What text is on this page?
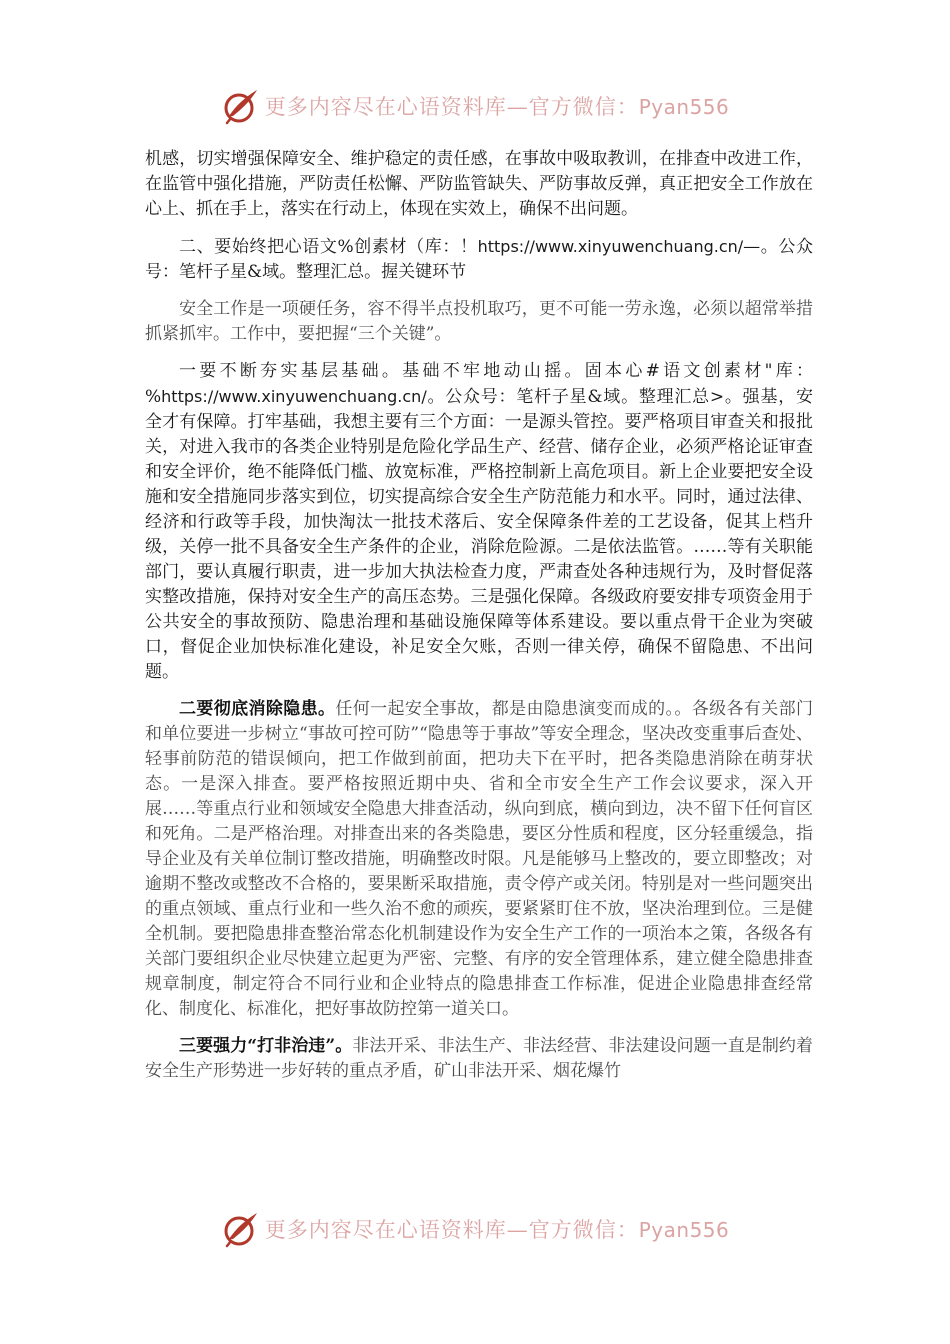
更多内容尽在心语资料库—官方微信：Pyan556

机感，切实增强保障安全、维护稳定的责任感，在事故中吸取教训，在排查中改进工作，在监管中强化措施，严防责任松懈、严防监管缺失、严防事故反弹，真正把安全工作放在心上、抓在手上，落实在行动上，体现在实效上，确保不出问题。

二、要始终把心语文%创素材（库：！https://www.xinyuwenchuang.cn/—。公众号：笔杆子星&域。整理汇总。握关键环节

安全工作是一项硬任务，容不得半点投机取巧，更不可能一劳永逸，必须以超常举措抓紧抓牢。工作中，要把握“三个关键”。

一要不断夯实基层基础。基础不牢地动山摇。固本心#语文创素材"库：%https://www.xinyuwenchuang.cn/。公众号：笔杆子星&域。整理汇总>。强基，安全才有保障。打牢基础，我想主要有三个方面：一是源头管控。要严格项目审查关和报批关，对进入我市的各类企业特别是危险化学品生产、经营、储存企业，必须严格论证审查和安全评价，绝不能降低门槛、放宽标准，严格控制新上高危项目。新上企业要把安全设施和安全措施同步落实到位，切实提高综合安全生产防范能力和水平。同时，通过法律、经济和行政等手段，加快淘汰一批技术落后、安全保障条件差的工艺设备，促其上档升级，关停一批不具备安全生产条件的企业，消除危险源。二是依法监管。……等有关职能部门，要认真履行职责，进一步加大执法检查力度，严肃查处各种违规行为，及时督促落实整改措施，保持对安全生产的高压态势。三是强化保障。各级政府要安排专项资金用于公共安全的事故预防、隐患治理和基础设施保障等体系建设。要以重点骨干企业为突破口，督促企业加快标准化建设，补足安全欠账，否则一律关停，确保不留隐患、不出问题。

二要彻底消除隐患。任何一起安全事故，都是由隐患演变而成的。。各级各有关部门和单位要进一步树立“事故可控可防”“隐患等于事故”等安全理念，坚决改变重事后查处、轻事前防范的错误倾向，把工作做到前面，把功夫下在平时，把各类隐患消除在萌芽状态。一是深入排查。要严格按照近期中央、省和全市安全生产工作会议要求，深入开展……等重点行业和领域安全隐患大排查活动，纵向到底，横向到边，决不留下任何盲区和死角。二是严格治理。对排查出来的各类隐患，要区分性质和程度，区分轻重缓急，指导企业及有关单位制订整改措施，明确整改时限。凡是能够马上整改的，要立即整改；对逾期不整改或整改不合格的，要果断采取措施，责令停产或关闭。特别是对一些问题突出的重点领域、重点行业和一些久治不愈的顽疾，要紧紧盯住不放，坚决治理到位。三是健全机制。要把隐患排查整治常态化机制建设作为安全生产工作的一项治本之策，各级各有关部门要组织企业尽快建立起更为严密、完整、有序的安全管理体系，建立健全隐患排查规章制度，制定符合不同行业和企业特点的隐患排查工作标准，促进企业隐患排查经常化、制度化、标准化，把好事故防控第一道关口。

三要强力“打非治违”。非法开采、非法生产、非法经营、非法建设问题一直是制约着安全生产形势进一步好转的重点矛盾，矿山非法开采、烟花爆竹

更多内容尽在心语资料库—官方微信：Pyan556
